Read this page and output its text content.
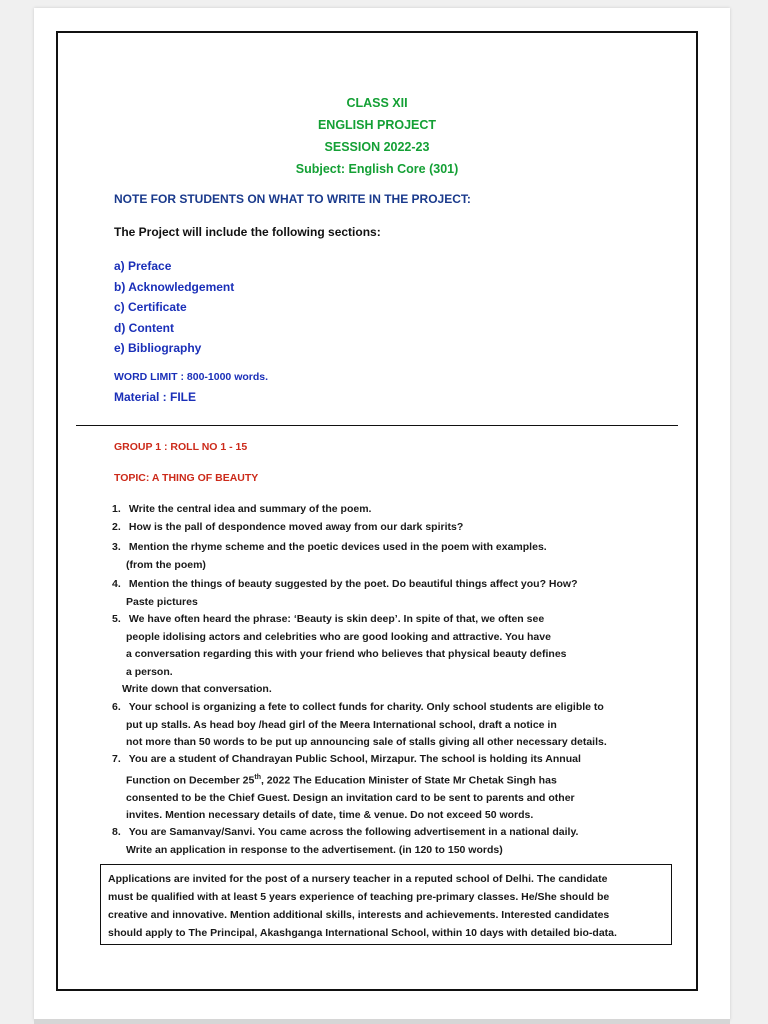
CLASS XII
ENGLISH PROJECT
SESSION 2022-23
Subject: English Core (301)
NOTE FOR STUDENTS ON WHAT TO WRITE IN THE PROJECT:
The Project will include the following sections:
a) Preface
b) Acknowledgement
c) Certificate
d) Content
e) Bibliography
WORD LIMIT : 800-1000 words.
Material : FILE
GROUP 1 : ROLL NO 1 - 15
TOPIC: A THING OF BEAUTY
1. Write the central idea and summary of the poem.
2. How is the pall of despondence moved away from our dark spirits?
3. Mention the rhyme scheme and the poetic devices used in the poem with examples.
(from the poem)
4. Mention the things of beauty suggested by the poet. Do beautiful things affect you? How?
Paste pictures
5. We have often heard the phrase: ‘Beauty is skin deep’. In spite of that, we often see
people idolising actors and celebrities who are good looking and attractive. You have
a conversation regarding this with your friend who believes that physical beauty defines
a person.
Write down that conversation.
6. Your school is organizing a fete to collect funds for charity. Only school students are eligible to
put up stalls. As head boy /head girl of the Meera International school, draft a notice in
not more than 50 words to be put up announcing sale of stalls giving all other necessary details.
7. You are a student of Chandrayan Public School, Mirzapur. The school is holding its Annual
Function on December 25th, 2022 The Education Minister of State Mr Chetak Singh has
consented to be the Chief Guest. Design an invitation card to be sent to parents and other
invites. Mention necessary details of date, time & venue. Do not exceed 50 words.
8. You are Samanvay/Sanvi. You came across the following advertisement in a national daily.
Write an application in response to the advertisement. (in 120 to 150 words)
Applications are invited for the post of a nursery teacher in a reputed school of Delhi. The candidate
must be qualified with at least 5 years experience of teaching pre-primary classes. He/She should be
creative and innovative. Mention additional skills, interests and achievements. Interested candidates
should apply to The Principal, Akashganga International School, within 10 days with detailed bio-data.
